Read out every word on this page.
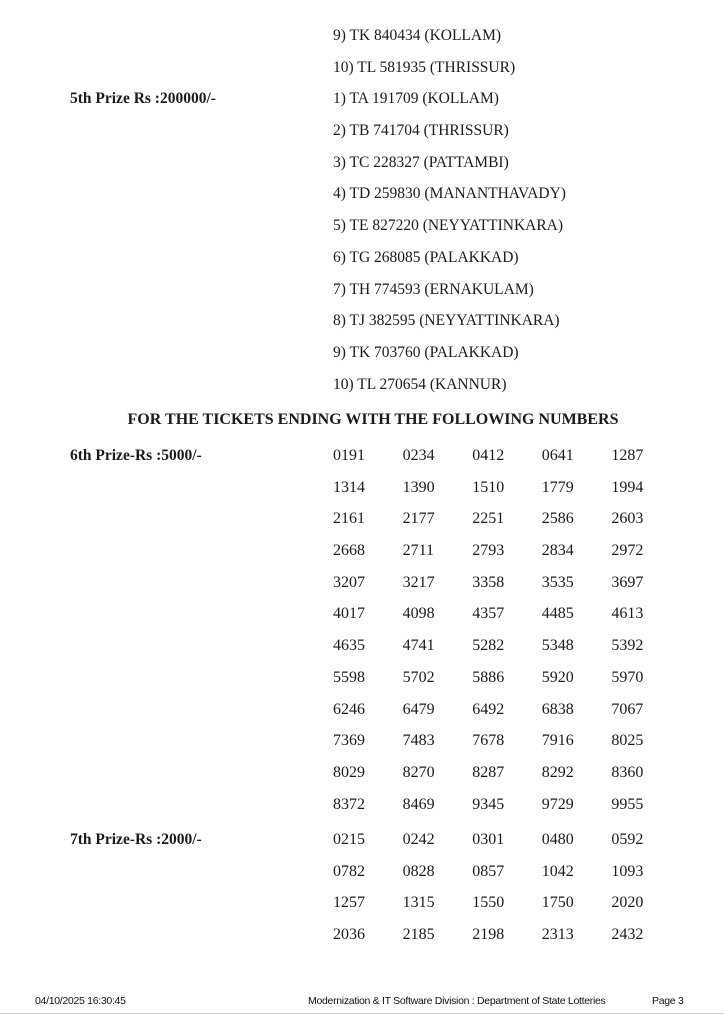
9) TK 840434 (KOLLAM)
10) TL 581935 (THRISSUR)
5th Prize Rs :200000/-	1) TA 191709 (KOLLAM)
2) TB 741704 (THRISSUR)
3) TC 228327 (PATTAMBI)
4) TD 259830 (MANANTHAVADY)
5) TE 827220 (NEYYATTINKARA)
6) TG 268085 (PALAKKAD)
7) TH 774593 (ERNAKULAM)
8) TJ 382595 (NEYYATTINKARA)
9) TK 703760 (PALAKKAD)
10) TL 270654 (KANNUR)
FOR THE TICKETS ENDING WITH THE FOLLOWING NUMBERS
6th Prize-Rs :5000/-	0191	0234	0412	0641	1287
1314	1390	1510	1779	1994
2161	2177	2251	2586	2603
2668	2711	2793	2834	2972
3207	3217	3358	3535	3697
4017	4098	4357	4485	4613
4635	4741	5282	5348	5392
5598	5702	5886	5920	5970
6246	6479	6492	6838	7067
7369	7483	7678	7916	8025
8029	8270	8287	8292	8360
8372	8469	9345	9729	9955
7th Prize-Rs :2000/-	0215	0242	0301	0480	0592
0782	0828	0857	1042	1093
1257	1315	1550	1750	2020
2036	2185	2198	2313	2432
04/10/2025 16:30:45	Modernization & IT Software Division : Department of State Lotteries	Page 3
